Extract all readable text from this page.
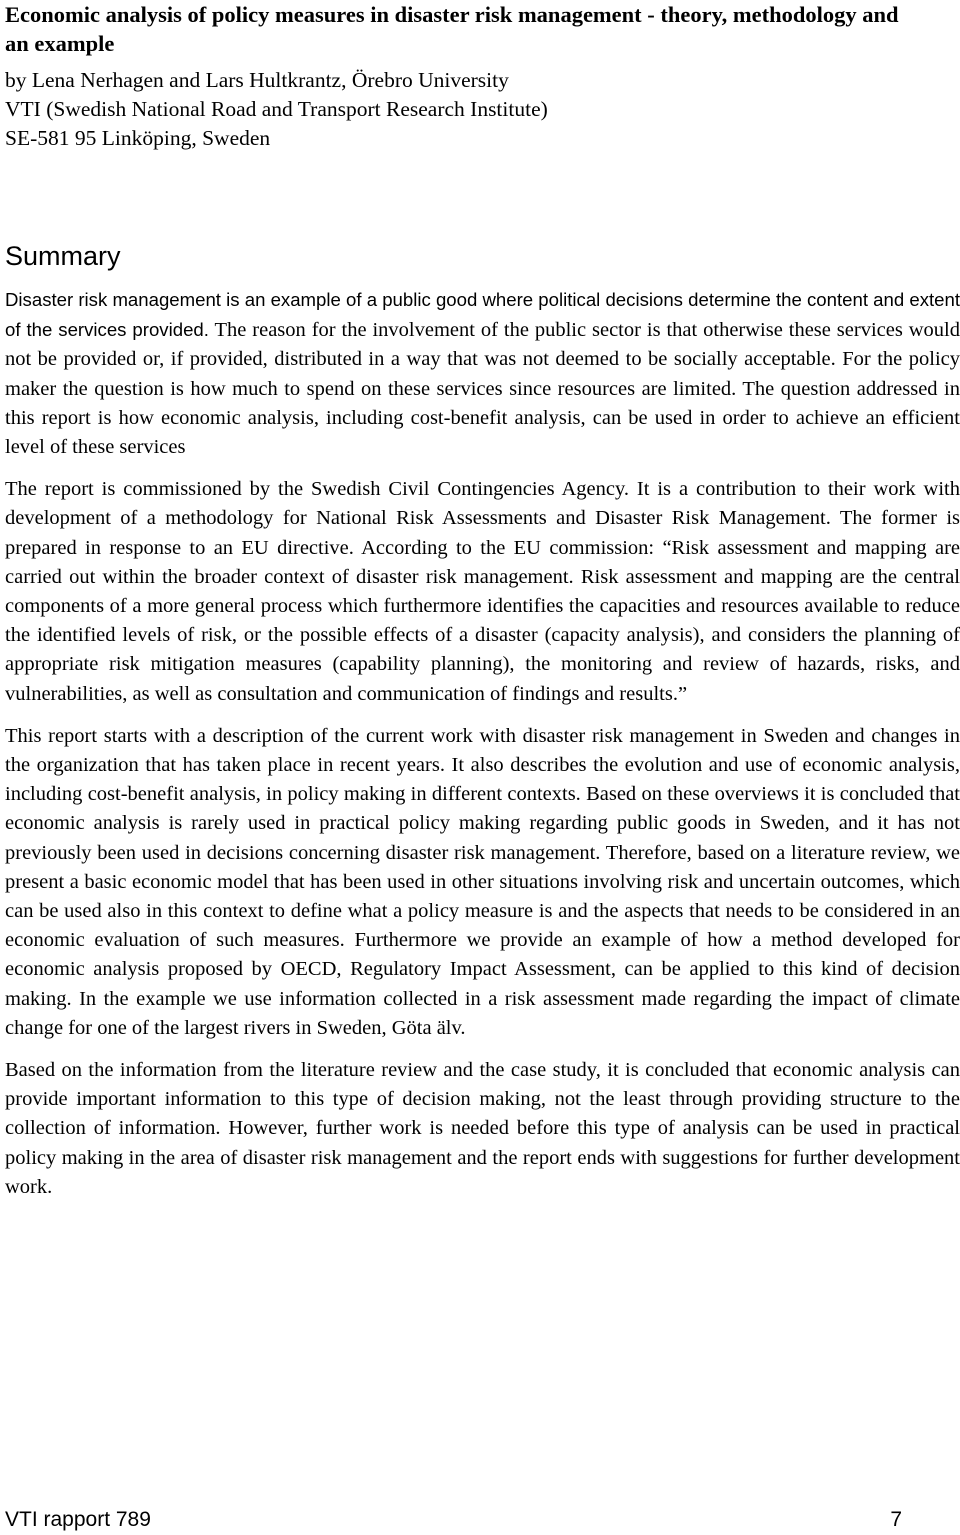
Economic analysis of policy measures in disaster risk management - theory, methodology and an example
by Lena Nerhagen and Lars Hultkrantz, Örebro University
VTI (Swedish National Road and Transport Research Institute)
SE-581 95 Linköping, Sweden
Summary

Disaster risk management is an example of a public good where political decisions determine the content and extent of the services provided. The reason for the involvement of the public sector is that otherwise these services would not be provided or, if provided, distributed in a way that was not deemed to be socially acceptable. For the policy maker the question is how much to spend on these services since resources are limited. The question addressed in this report is how economic analysis, including cost-benefit analysis, can be used in order to achieve an efficient level of these services

The report is commissioned by the Swedish Civil Contingencies Agency. It is a contribution to their work with development of a methodology for National Risk Assessments and Disaster Risk Management. The former is prepared in response to an EU directive. According to the EU commission: “Risk assessment and mapping are carried out within the broader context of disaster risk management. Risk assessment and mapping are the central components of a more general process which furthermore identifies the capacities and resources available to reduce the identified levels of risk, or the possible effects of a disaster (capacity analysis), and considers the planning of appropriate risk mitigation measures (capability planning), the monitoring and review of hazards, risks, and vulnerabilities, as well as consultation and communication of findings and results.”

This report starts with a description of the current work with disaster risk management in Sweden and changes in the organization that has taken place in recent years. It also describes the evolution and use of economic analysis, including cost-benefit analysis, in policy making in different contexts. Based on these overviews it is concluded that economic analysis is rarely used in practical policy making regarding public goods in Sweden, and it has not previously been used in decisions concerning disaster risk management. Therefore, based on a literature review, we present a basic economic model that has been used in other situations involving risk and uncertain outcomes, which can be used also in this context to define what a policy measure is and the aspects that needs to be considered in an economic evaluation of such measures. Furthermore we provide an example of how a method developed for economic analysis proposed by OECD, Regulatory Impact Assessment, can be applied to this kind of decision making. In the example we use information collected in a risk assessment made regarding the impact of climate change for one of the largest rivers in Sweden, Göta älv.

Based on the information from the literature review and the case study, it is concluded that economic analysis can provide important information to this type of decision making, not the least through providing structure to the collection of information. However, further work is needed before this type of analysis can be used in practical policy making in the area of disaster risk management and the report ends with suggestions for further development work.

VTI rapport 789	7
